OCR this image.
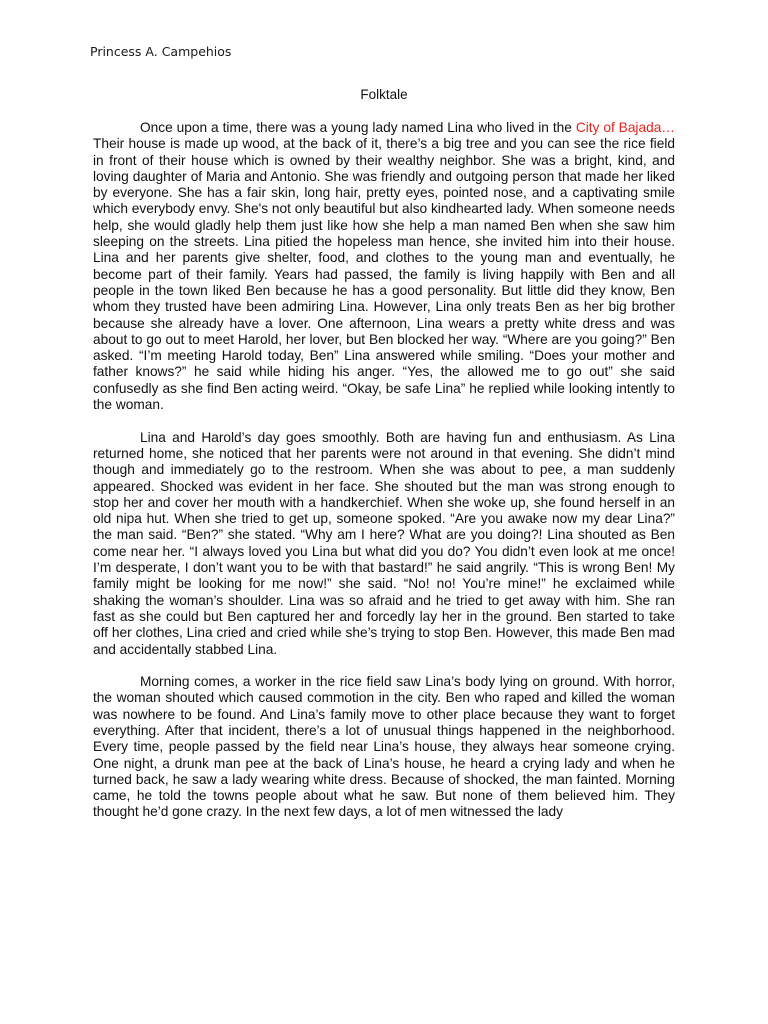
Princess A. Campehios

Folktale

Once upon a time, there was a young lady named Lina who lived in the City of Bajada… Their house is made up wood, at the back of it, there’s a big tree and you can see the rice field in front of their house which is owned by their wealthy neighbor. She was a bright, kind, and loving daughter of Maria and Antonio. She was friendly and outgoing person that made her liked by everyone. She has a fair skin, long hair, pretty eyes, pointed nose, and a captivating smile which everybody envy. She's not only beautiful but also kindhearted lady. When someone needs help, she would gladly help them just like how she help a man named Ben when she saw him sleeping on the streets. Lina pitied the hopeless man hence, she invited him into their house. Lina and her parents give shelter, food, and clothes to the young man and eventually, he become part of their family. Years had passed, the family is living happily with Ben and all people in the town liked Ben because he has a good personality. But little did they know, Ben whom they trusted have been admiring Lina. However, Lina only treats Ben as her big brother because she already have a lover. One afternoon, Lina wears a pretty white dress and was about to go out to meet Harold, her lover, but Ben blocked her way. “Where are you going?” Ben asked. “I’m meeting Harold today, Ben” Lina answered while smiling. “Does your mother and father knows?” he said while hiding his anger. “Yes, the allowed me to go out” she said confusedly as she find Ben acting weird. “Okay, be safe Lina” he replied while looking intently to the woman.

Lina and Harold’s day goes smoothly. Both are having fun and enthusiasm. As Lina returned home, she noticed that her parents were not around in that evening. She didn’t mind though and immediately go to the restroom. When she was about to pee, a man suddenly appeared. Shocked was evident in her face. She shouted but the man was strong enough to stop her and cover her mouth with a handkerchief. When she woke up, she found herself in an old nipa hut. When she tried to get up, someone spoked. “Are you awake now my dear Lina?” the man said. “Ben?” she stated. “Why am I here? What are you doing?! Lina shouted as Ben come near her. “I always loved you Lina but what did you do? You didn’t even look at me once! I’m desperate, I don’t want you to be with that bastard!” he said angrily. “This is wrong Ben! My family might be looking for me now!” she said. “No! no! You’re mine!” he exclaimed while shaking the woman’s shoulder. Lina was so afraid and he tried to get away with him. She ran fast as she could but Ben captured her and forcedly lay her in the ground. Ben started to take off her clothes, Lina cried and cried while she’s trying to stop Ben. However, this made Ben mad and accidentally stabbed Lina.

Morning comes, a worker in the rice field saw Lina’s body lying on ground. With horror, the woman shouted which caused commotion in the city. Ben who raped and killed the woman was nowhere to be found. And Lina’s family move to other place because they want to forget everything. After that incident, there’s a lot of unusual things happened in the neighborhood. Every time, people passed by the field near Lina’s house, they always hear someone crying. One night, a drunk man pee at the back of Lina’s house, he heard a crying lady and when he turned back, he saw a lady wearing white dress. Because of shocked, the man fainted. Morning came, he told the towns people about what he saw. But none of them believed him. They thought he’d gone crazy. In the next few days, a lot of men witnessed the lady
